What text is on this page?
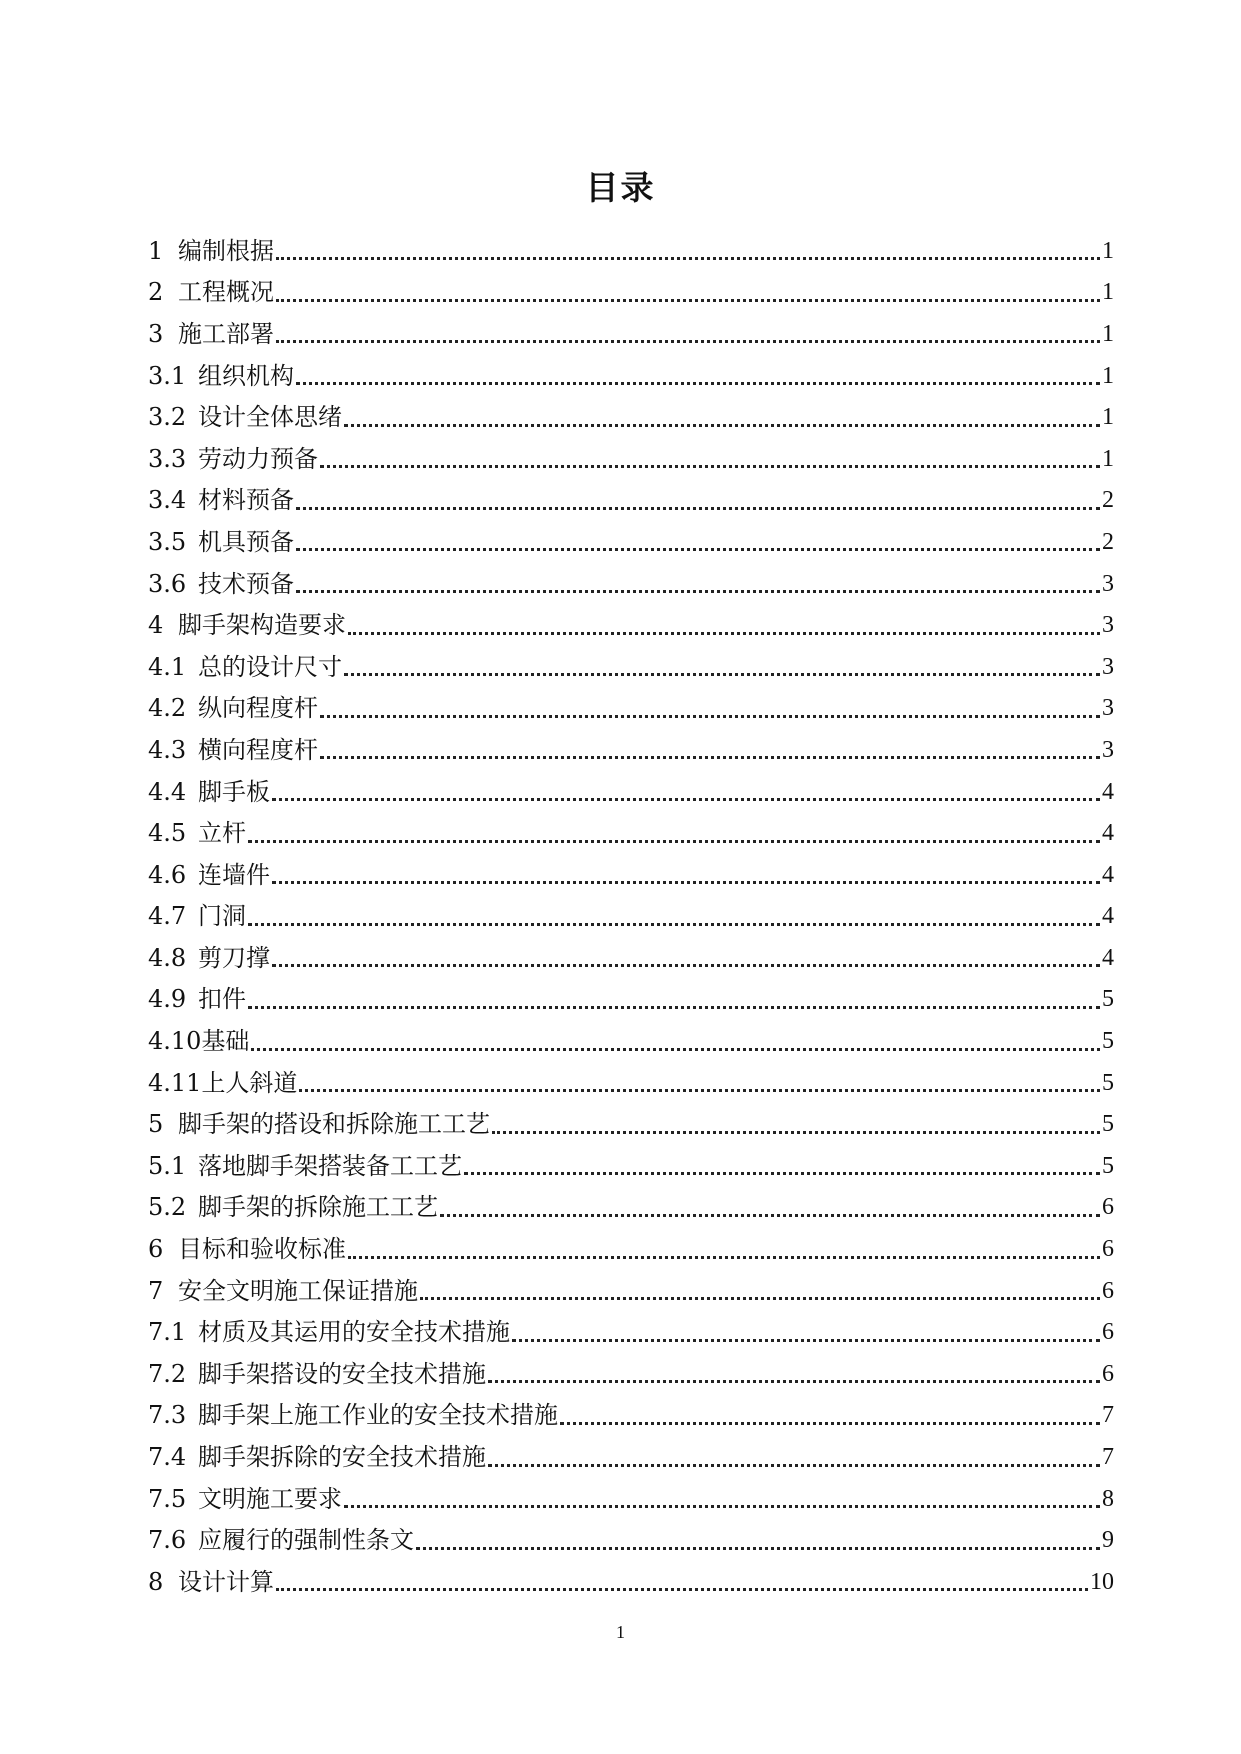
目录
1 编制根据	1
2 工程概况	1
3 施工部署	1
3.1 组织机构	1
3.2 设计全体思绪	1
3.3 劳动力预备	1
3.4 材料预备	2
3.5 机具预备	2
3.6 技术预备	3
4 脚手架构造要求	3
4.1 总的设计尺寸	3
4.2 纵向程度杆	3
4.3 横向程度杆	3
4.4 脚手板	4
4.5 立杆	4
4.6 连墙件	4
4.7 门洞	4
4.8 剪刀撑	4
4.9 扣件	5
4.10 基础	5
4.11 上人斜道	5
5 脚手架的搭设和拆除施工工艺	5
5.1 落地脚手架搭装备工工艺	5
5.2 脚手架的拆除施工工艺	6
6 目标和验收标准	6
7 安全文明施工保证措施	6
7.1 材质及其运用的安全技术措施	6
7.2 脚手架搭设的安全技术措施	6
7.3 脚手架上施工作业的安全技术措施	7
7.4 脚手架拆除的安全技术措施	7
7.5 文明施工要求	8
7.6 应履行的强制性条文	9
8 设计计算	10
1
